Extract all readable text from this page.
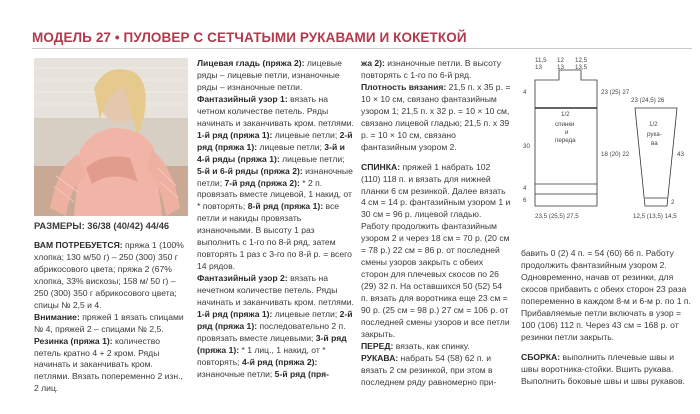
МОДЕЛЬ 27 • ПУЛОВЕР С СЕТЧАТЫМИ РУКАВАМИ И КОКЕТКОЙ

РАЗМЕРЫ: 36/38 (40/42) 44/46

ВАМ ПОТРЕБУЕТСЯ: пряжа 1 (100% хлопка; 130 м/50 г) – 250 (300) 350 г абрикосового цвета; пряжа 2 (67% хлопка, 33% вискозы; 158 м/ 50 г) – 250 (300) 350 г абрикосового цвета; спицы № 2,5 и 4.

Внимание: пряжей 1 вязать спицами № 4, пряжей 2 – спицами № 2,5.

Резинка (пряжа 1): количество петель кратно 4 + 2 кром. Ряды начинать и заканчивать кром. петлями. Вязать попеременно 2 изн., 2 лиц.

Лицевая гладь (пряжа 2): лицевые ряды – лицевые петли, изнаночные ряды – изнаночные петли.

Фантазийный узор 1: вязать на четном количестве петель. Ряды начинать и заканчивать кром. петлями. 1-й ряд (пряжа 1): лицевые петли; 2-й ряд (пряжа 1): лицевые петли; 3-й и 4-й ряды (пряжа 1): лицевые петли; 5-й и 6-й ряды (пряжа 2): изнаночные петли; 7-й ряд (пряжа 2): * 2 п. провязать вместе лицевой, 1 накид, от * повторять; 8-й ряд (пряжа 1): все петли и накиды провязать изнаночными. В высоту 1 раз выполнить с 1-го по 8-й ряд, затем повторять 1 раз с 3-го по 8-й р. = всего 14 рядов.

Фантазийный узор 2: вязать на нечетном количестве петель. Ряды начинать и заканчивать кром. петлями. 1-й ряд (пряжа 1): лицевые петли; 2-й ряд (пряжа 1): последовательно 2 п. провязать вместе лицевыми; 3-й ряд (пряжа 1): * 1 лиц., 1 накид, от * повторять; 4-й ряд (пряжа 2): изнаночные петли; 5-й ряд (пря-

жа 2): изнаночные петли. В высоту повторять с 1-го по 6-й ряд.

Плотность вязания: 21,5 п. х 35 р. = 10 × 10 см, связано фантазийным узором 1; 21,5 п. х 32 р. = 10 × 10 см, связано лицевой гладью; 21,5 п. х 39 р. = 10 × 10 см, связано фантазийным узором 2.

СПИНКА: пряжей 1 набрать 102 (110) 118 п. и вязать для нижней планки 6 см резинкой. Далее вязать 4 см = 14 р. фантазийным узором 1 и 30 см = 96 р. лицевой гладью. Работу продолжить фантазийным узором 2 и через 18 см = 70 р. (20 см = 78 р.) 22 см = 86 р. от последней смены узоров закрыть с обеих сторон для плечевых скосов по 26 (29) 32 п. На оставшихся 50 (52) 54 п. вязать для воротника еще 23 см = 90 р. (25 см = 98 р.) 27 см = 106 р. от последней смены узоров и все петли закрыть.

ПЕРЕД: вязать, как спинку.

РУКАВА: набрать 54 (58) 62 п. и вязать 2 см резинкой, при этом в последнем ряду равномерно при-

1/2
спинки
и
переда
1/2
рука-
ва
11,5 12 12,5
13 13 13,5
4
30
4
6
23 (25) 27
18 (20) 22
23,5 (25,5) 27,5
23 (24,5) 26
43
2
12,5 (13,5) 14,5

бавить 0 (2) 4 п. = 54 (60) 66 п. Работу продолжить фантазийным узором 2. Одновременно, начав от резинки, для скосов прибавить с обеих сторон 23 раза попеременно в каждом 8-м и 6-м р. по 1 п. Прибавляемые петли включать в узор = 100 (106) 112 п. Через 43 см = 168 р. от резинки петли закрыть.

СБОРКА: выполнить плечевые швы и швы воротника-стойки. Вшить рукава. Выполнить боковые швы и швы рукавов.
